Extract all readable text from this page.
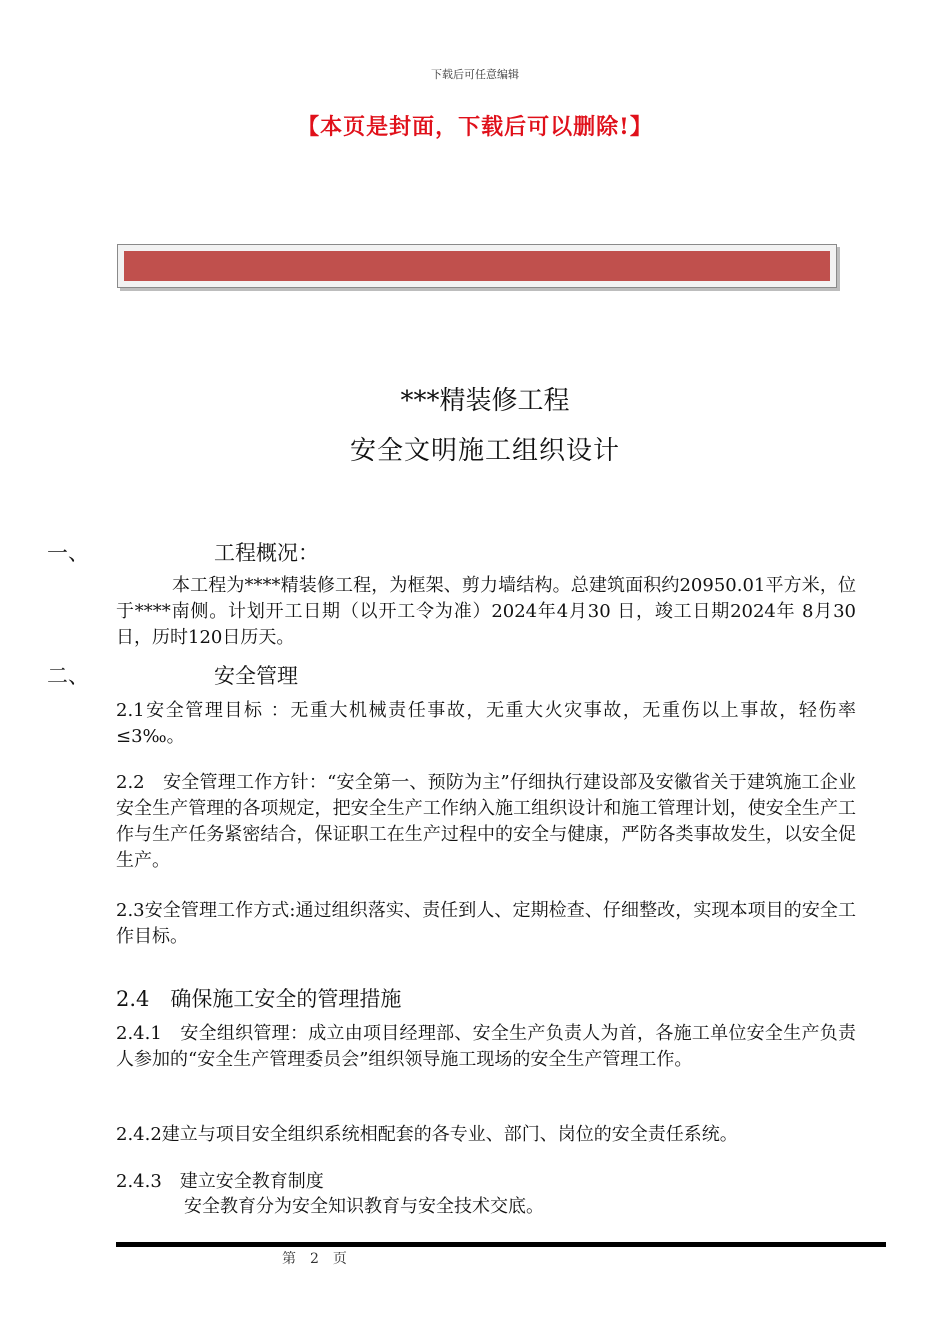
下载后可任意编辑
【本页是封面，下载后可以删除!】
***精装修工程
安全文明施工组织设计
一、	工程概况：
本工程为****精装修工程，为框架、剪力墙结构。总建筑面积约20950.01平方米，位于****南侧。计划开工日期（以开工令为准）2024年4月30 日，竣工日期2024年 8月30日，历时120日历天。
二、	安全管理
2.1安全管理目标 ：无重大机械责任事故，无重大火灾事故，无重伤以上事故，轻伤率≤3‰。
2.2　安全管理工作方针：“安全第一、预防为主”仔细执行建设部及安徽省关于建筑施工企业安全生产管理的各项规定，把安全生产工作纳入施工组织设计和施工管理计划，使安全生产工作与生产任务紧密结合，保证职工在生产过程中的安全与健康，严防各类事故发生，以安全促生产。
2.3安全管理工作方式:通过组织落实、责任到人、定期检查、仔细整改，实现本项目的安全工作目标。
2.4　确保施工安全的管理措施
2.4.1　安全组织管理：成立由项目经理部、安全生产负责人为首，各施工单位安全生产负责人参加的“安全生产管理委员会”组织领导施工现场的安全生产管理工作。
2.4.2建立与项目安全组织系统相配套的各专业、部门、岗位的安全责任系统。
2.4.3　建立安全教育制度
安全教育分为安全知识教育与安全技术交底。
第　2　页
